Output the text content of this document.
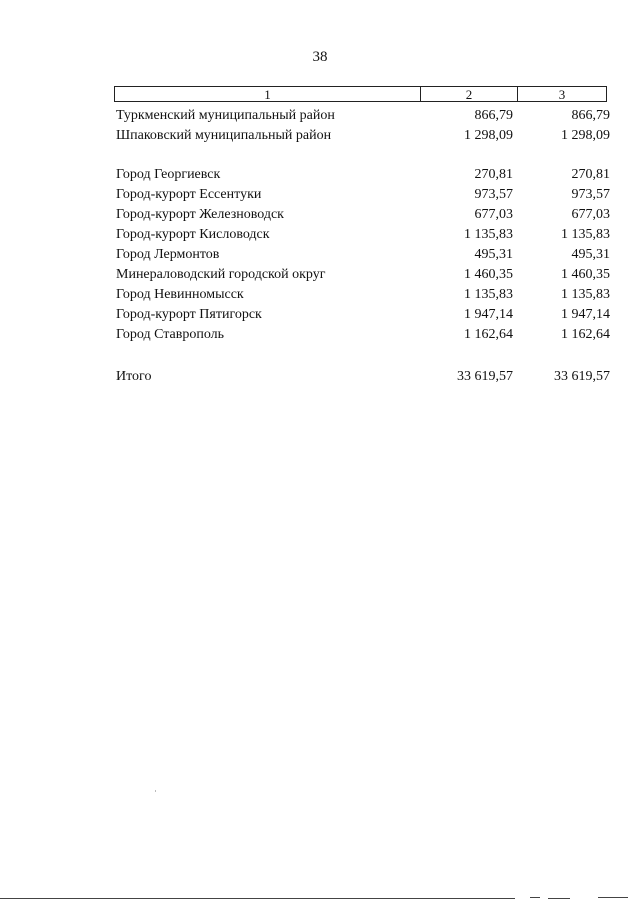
38
1	2	3
Туркменский муниципальный район	866,79	866,79
Шпаковский муниципальный район	1 298,09	1 298,09
Город Георгиевск	270,81	270,81
Город-курорт Ессентуки	973,57	973,57
Город-курорт Железноводск	677,03	677,03
Город-курорт Кисловодск	1 135,83	1 135,83
Город Лермонтов	495,31	495,31
Минераловодский городской округ	1 460,35	1 460,35
Город Невинномысск	1 135,83	1 135,83
Город-курорт Пятигорск	1 947,14	1 947,14
Город Ставрополь	1 162,64	1 162,64
Итого	33 619,57	33 619,57
